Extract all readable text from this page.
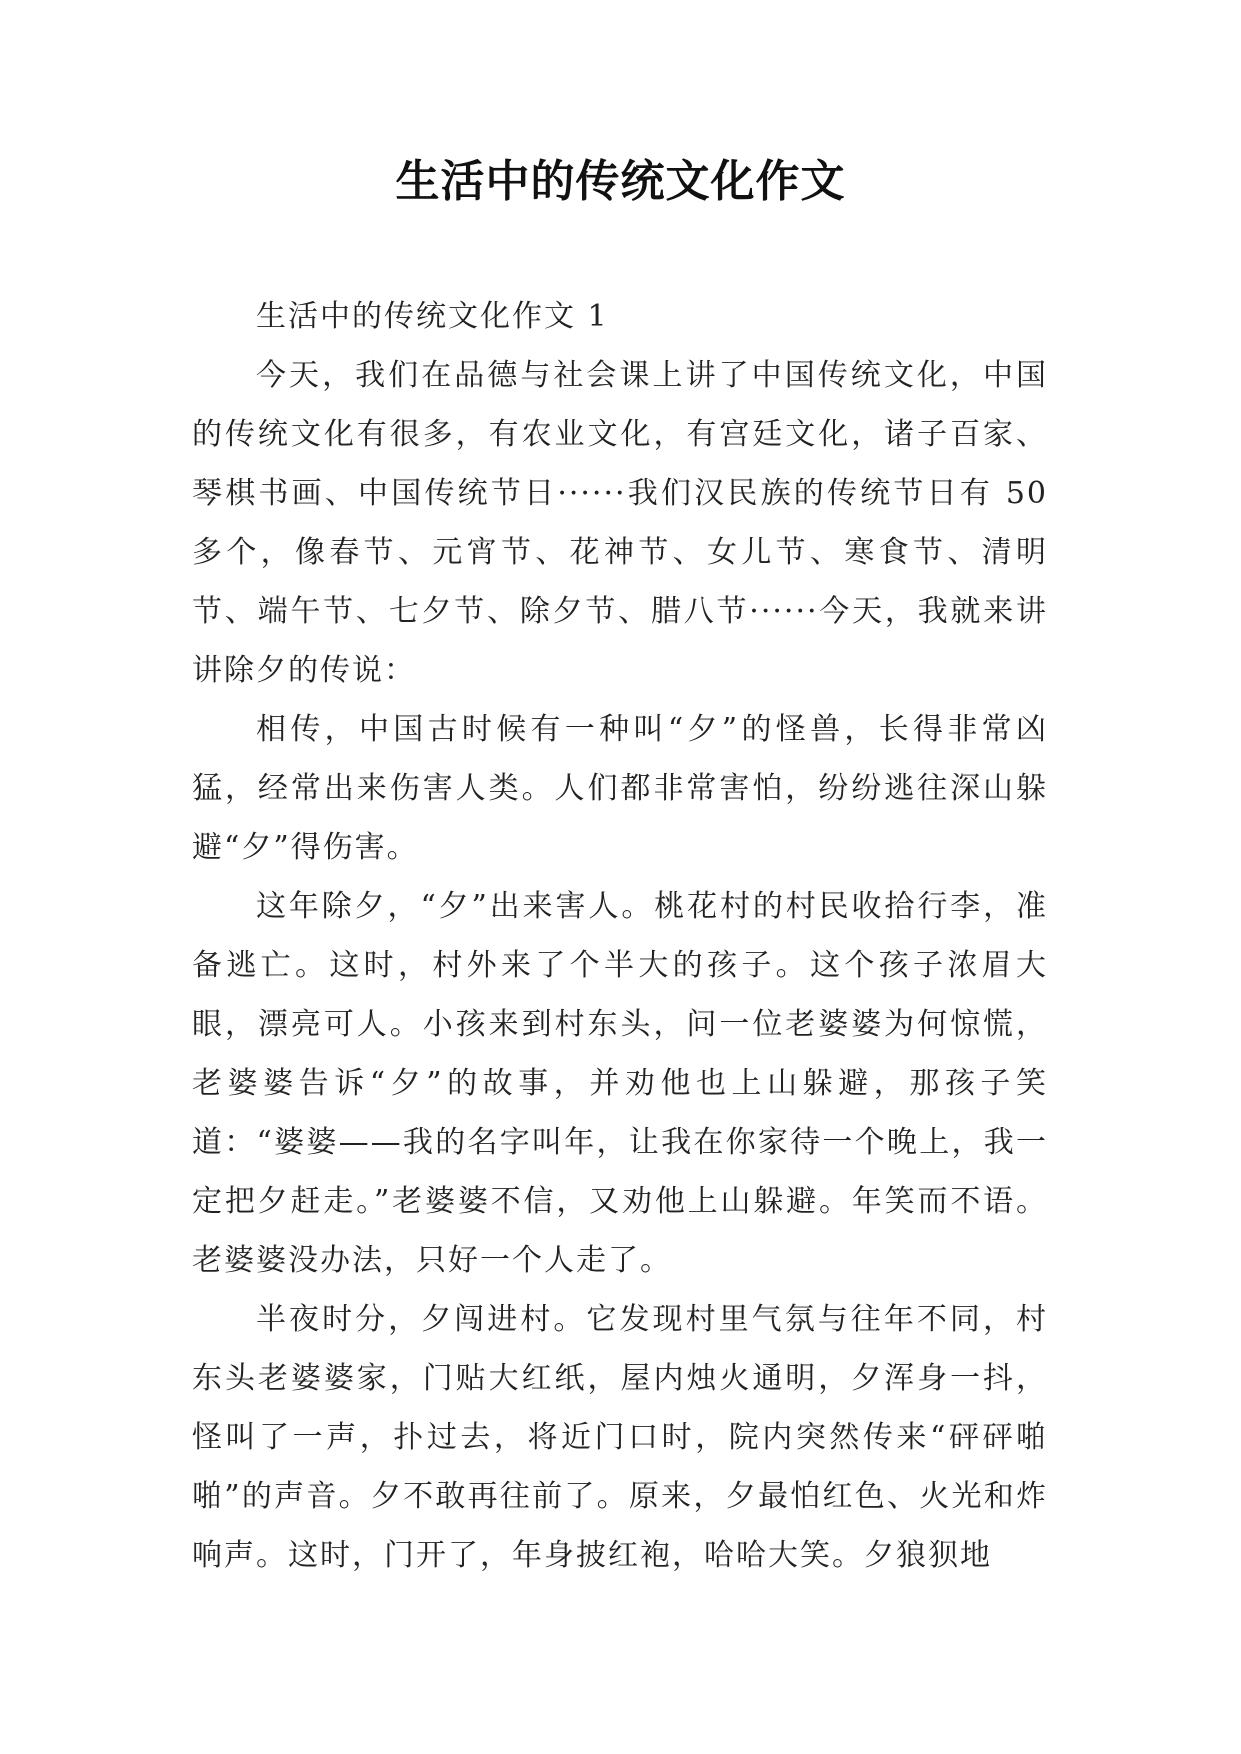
生活中的传统文化作文

生活中的传统文化作文 1

今天，我们在品德与社会课上讲了中国传统文化，中国的传统文化有很多，有农业文化，有宫廷文化，诸子百家、琴棋书画、中国传统节日······我们汉民族的传统节日有 50 多个，像春节、元宵节、花神节、女儿节、寒食节、清明节、端午节、七夕节、除夕节、腊八节······今天，我就来讲讲除夕的传说：

相传，中国古时候有一种叫“夕”的怪兽，长得非常凶猛，经常出来伤害人类。人们都非常害怕，纷纷逃往深山躲避“夕”得伤害。

这年除夕，“夕”出来害人。桃花村的村民收拾行李，准备逃亡。这时，村外来了个半大的孩子。这个孩子浓眉大眼，漂亮可人。小孩来到村东头，问一位老婆婆为何惊慌，老婆婆告诉“夕”的故事，并劝他也上山躲避，那孩子笑道：“婆婆——我的名字叫年，让我在你家待一个晚上，我一定把夕赶走。”老婆婆不信，又劝他上山躲避。年笑而不语。老婆婆没办法，只好一个人走了。

半夜时分，夕闯进村。它发现村里气氛与往年不同，村东头老婆婆家，门贴大红纸，屋内烛火通明，夕浑身一抖，怪叫了一声，扑过去，将近门口时，院内突然传来“砰砰啪啪”的声音。夕不敢再往前了。原来，夕最怕红色、火光和炸响声。这时，门开了，年身披红袍，哈哈大笑。夕狼狈地
